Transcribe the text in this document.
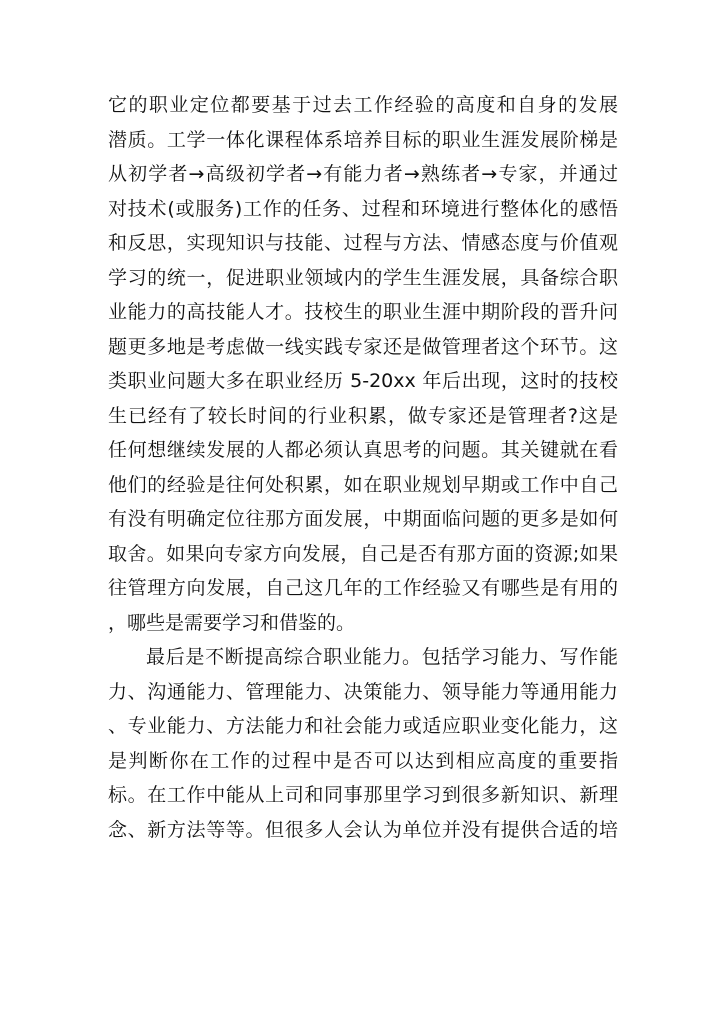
它的职业定位都要基于过去工作经验的高度和自身的发展
潜质。工学一体化课程体系培养目标的职业生涯发展阶梯是
从初学者→高级初学者→有能力者→熟练者→专家，并通过
对技术(或服务)工作的任务、过程和环境进行整体化的感悟
和反思，实现知识与技能、过程与方法、情感态度与价值观
学习的统一，促进职业领域内的学生生涯发展，具备综合职
业能力的高技能人才。技校生的职业生涯中期阶段的晋升问
题更多地是考虑做一线实践专家还是做管理者这个环节。这
类职业问题大多在职业经历 5-20xx 年后出现，这时的技校
生已经有了较长时间的行业积累，做专家还是管理者?这是
任何想继续发展的人都必须认真思考的问题。其关键就在看
他们的经验是往何处积累，如在职业规划早期或工作中自己
有没有明确定位往那方面发展，中期面临问题的更多是如何
取舍。如果向专家方向发展，自己是否有那方面的资源;如果
往管理方向发展，自己这几年的工作经验又有哪些是有用的
，哪些是需要学习和借鉴的。
最后是不断提高综合职业能力。包括学习能力、写作能
力、沟通能力、管理能力、决策能力、领导能力等通用能力
、专业能力、方法能力和社会能力或适应职业变化能力，这
是判断你在工作的过程中是否可以达到相应高度的重要指
标。在工作中能从上司和同事那里学习到很多新知识、新理
念、新方法等等。但很多人会认为单位并没有提供合适的培
